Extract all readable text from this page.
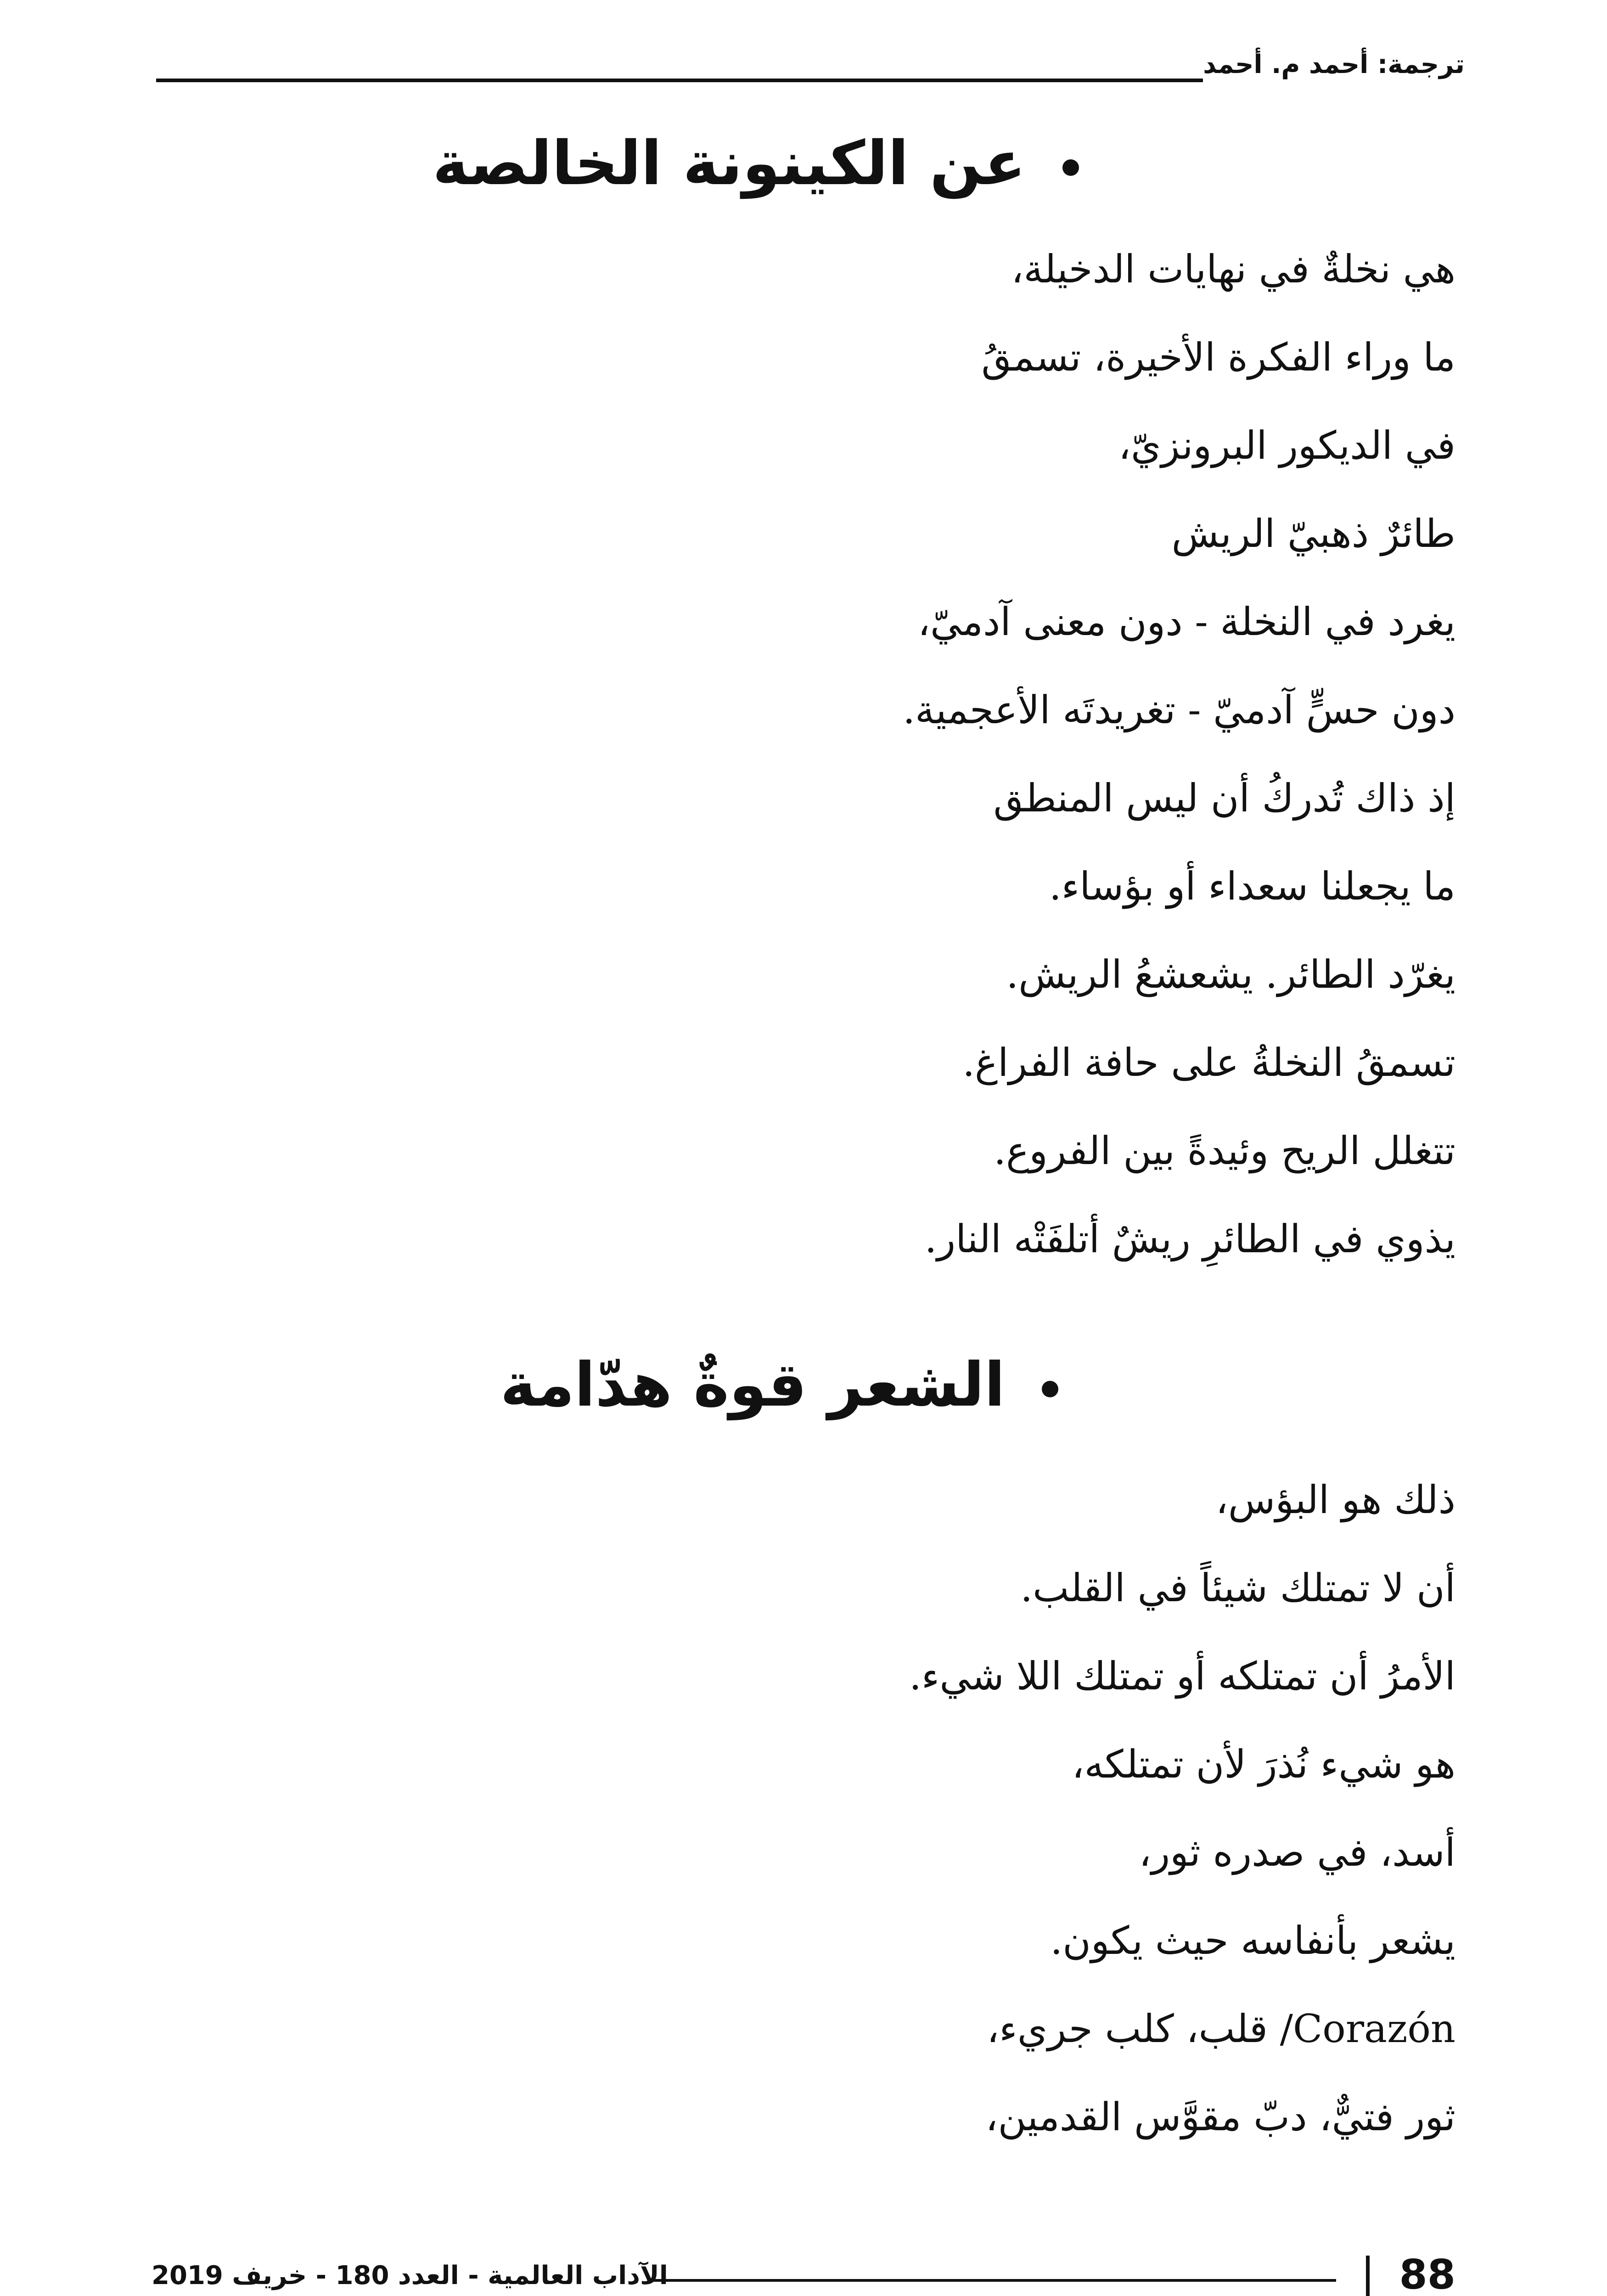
ترجمة: أحمد م. أحمد
عن الكينونة الخالصة
هي نخلةٌ في نهايات الدخيلة،
ما وراء الفكرة الأخيرة، تسمقُ
في الديكور البرونزيّ،
طائرٌ ذهبيّ الريش
يغرد في النخلة - دون معنى آدميّ،
دون حسٍّ آدميّ - تغريدتَه الأعجمية.
إذ ذاك تُدركُ أن ليس المنطق
ما يجعلنا سعداء أو بؤساء.
يغرّد الطائر. يشعشعُ الريش.
تسمقُ النخلةُ على حافة الفراغ.
تتغلل الريح وئيدةً بين الفروع.
يذوي في الطائرِ ريشٌ أتلفَتْه النار.
الشعر قوةٌ هدّامة
ذلك هو البؤس،
أن لا تمتلك شيئاً في القلب.
الأمرُ أن تمتلكه أو تمتلك اللا شيء.
هو شيء نُذرَ لأن تمتلكه،
أسد، في صدره ثور،
يشعر بأنفاسه حيث يكون.
Corazón/ قلب، كلب جريء،
ثور فتيٌّ، دبّ مقوَّس القدمين،
88
الآداب العالمية - العدد 180 - خريف 2019
